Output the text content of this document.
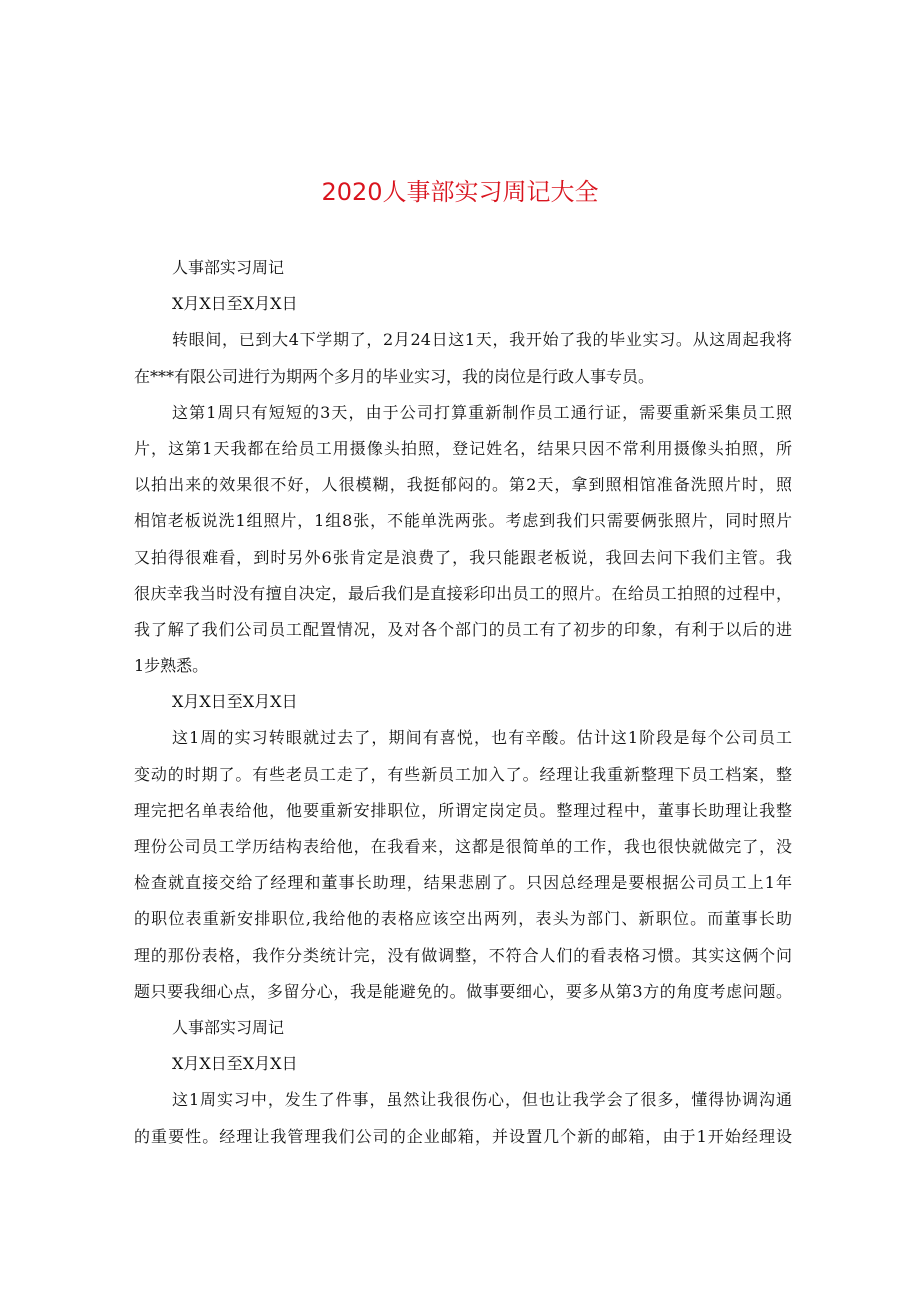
2020人事部实习周记大全
人事部实习周记
X月X日至X月X日
转眼间，已到大4下学期了，2月24日这1天，我开始了我的毕业实习。从这周起我将
在***有限公司进行为期两个多月的毕业实习，我的岗位是行政人事专员。
这第1周只有短短的3天，由于公司打算重新制作员工通行证，需要重新采集员工照
片，这第1天我都在给员工用摄像头拍照，登记姓名，结果只因不常利用摄像头拍照，所
以拍出来的效果很不好，人很模糊，我挺郁闷的。第2天，拿到照相馆准备洗照片时，照
相馆老板说洗1组照片，1组8张，不能单洗两张。考虑到我们只需要俩张照片，同时照片
又拍得很难看，到时另外6张肯定是浪费了，我只能跟老板说，我回去问下我们主管。我
很庆幸我当时没有擅自决定，最后我们是直接彩印出员工的照片。在给员工拍照的过程中，
我了解了我们公司员工配置情况，及对各个部门的员工有了初步的印象，有利于以后的进
1步熟悉。
X月X日至X月X日
这1周的实习转眼就过去了，期间有喜悦，也有辛酸。估计这1阶段是每个公司员工
变动的时期了。有些老员工走了，有些新员工加入了。经理让我重新整理下员工档案，整
理完把名单表给他，他要重新安排职位，所谓定岗定员。整理过程中，董事长助理让我整
理份公司员工学历结构表给他，在我看来，这都是很简单的工作，我也很快就做完了，没
检查就直接交给了经理和董事长助理，结果悲剧了。只因总经理是要根据公司员工上1年
的职位表重新安排职位,我给他的表格应该空出两列，表头为部门、新职位。而董事长助
理的那份表格，我作分类统计完，没有做调整，不符合人们的看表格习惯。其实这俩个问
题只要我细心点，多留分心，我是能避免的。做事要细心，要多从第3方的角度考虑问题。
人事部实习周记
X月X日至X月X日
这1周实习中，发生了件事，虽然让我很伤心，但也让我学会了很多，懂得协调沟通
的重要性。经理让我管理我们公司的企业邮箱，并设置几个新的邮箱，由于1开始经理设
